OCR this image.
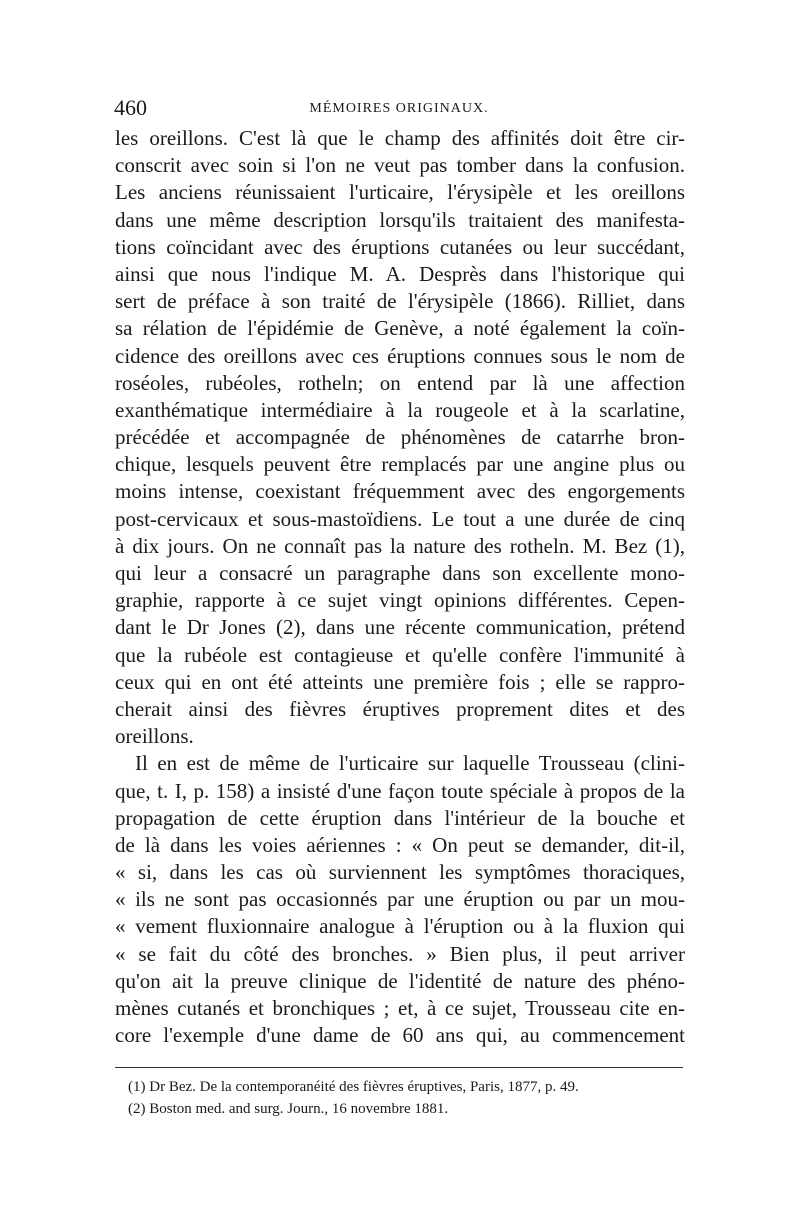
460	MÉMOIRES ORIGINAUX.
les oreillons. C'est là que le champ des affinités doit être cir-
conscrit avec soin si l'on ne veut pas tomber dans la confusion.
Les anciens réunissaient l'urticaire, l'érysipèle et les oreillons
dans une même description lorsqu'ils traitaient des manifesta-
tions coïncidant avec des éruptions cutanées ou leur succédant,
ainsi que nous l'indique M. A. Desprès dans l'historique qui
sert de préface à son traité de l'érysipèle (1866). Rilliet, dans
sa rélation de l'épidémie de Genève, a noté également la coïn-
cidence des oreillons avec ces éruptions connues sous le nom de
roséoles, rubéoles, rotheln; on entend par là une affection
exanthématique intermédiaire à la rougeole et à la scarlatine,
précédée et accompagnée de phénomènes de catarrhe bron-
chique, lesquels peuvent être remplacés par une angine plus ou
moins intense, coexistant fréquemment avec des engorgements
post-cervicaux et sous-mastoïdiens. Le tout a une durée de cinq
à dix jours. On ne connaît pas la nature des rotheln. M. Bez (1),
qui leur a consacré un paragraphe dans son excellente mono-
graphie, rapporte à ce sujet vingt opinions différentes. Cepen-
dant le Dr Jones (2), dans une récente communication, prétend
que la rubéole est contagieuse et qu'elle confère l'immunité à
ceux qui en ont été atteints une première fois ; elle se rappro-
cherait ainsi des fièvres éruptives proprement dites et des
oreillons.
Il en est de même de l'urticaire sur laquelle Trousseau (clini-
que, t. I, p. 158) a insisté d'une façon toute spéciale à propos de la
propagation de cette éruption dans l'intérieur de la bouche et
de là dans les voies aériennes : « On peut se demander, dit-il,
« si, dans les cas où surviennent les symptômes thoraciques,
« ils ne sont pas occasionnés par une éruption ou par un mou-
« vement fluxionnaire analogue à l'éruption ou à la fluxion qui
« se fait du côté des bronches. » Bien plus, il peut arriver
qu'on ait la preuve clinique de l'identité de nature des phéno-
mènes cutanés et bronchiques ; et, à ce sujet, Trousseau cite en-
core l'exemple d'une dame de 60 ans qui, au commencement
(1) Dr Bez. De la contemporanéité des fièvres éruptives, Paris, 1877, p. 49.
(2) Boston med. and surg. Journ., 16 novembre 1881.
